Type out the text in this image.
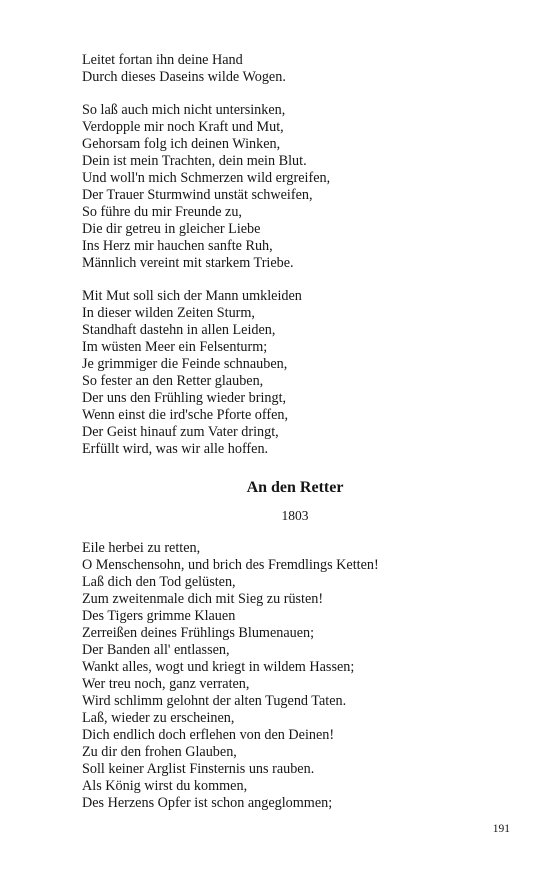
Leitet fortan ihn deine Hand
Durch dieses Daseins wilde Wogen.
So laß auch mich nicht untersinken,
Verdopple mir noch Kraft und Mut,
Gehorsam folg ich deinen Winken,
Dein ist mein Trachten, dein mein Blut.
Und woll'n mich Schmerzen wild ergreifen,
Der Trauer Sturmwind unstät schweifen,
So führe du mir Freunde zu,
Die dir getreu in gleicher Liebe
Ins Herz mir hauchen sanfte Ruh,
Männlich vereint mit starkem Triebe.
Mit Mut soll sich der Mann umkleiden
In dieser wilden Zeiten Sturm,
Standhaft dastehn in allen Leiden,
Im wüsten Meer ein Felsenturm;
Je grimmiger die Feinde schnauben,
So fester an den Retter glauben,
Der uns den Frühling wieder bringt,
Wenn einst die ird'sche Pforte offen,
Der Geist hinauf zum Vater dringt,
Erfüllt wird, was wir alle hoffen.
An den Retter
1803
Eile herbei zu retten,
O Menschensohn, und brich des Fremdlings Ketten!
Laß dich den Tod gelüsten,
Zum zweitenmale dich mit Sieg zu rüsten!
Des Tigers grimme Klauen
Zerreißen deines Frühlings Blumenauen;
Der Banden all' entlassen,
Wankt alles, wogt und kriegt in wildem Hassen;
Wer treu noch, ganz verraten,
Wird schlimm gelohnt der alten Tugend Taten.
Laß, wieder zu erscheinen,
Dich endlich doch erflehen von den Deinen!
Zu dir den frohen Glauben,
Soll keiner Arglist Finsternis uns rauben.
Als König wirst du kommen,
Des Herzens Opfer ist schon angeglommen;
191
